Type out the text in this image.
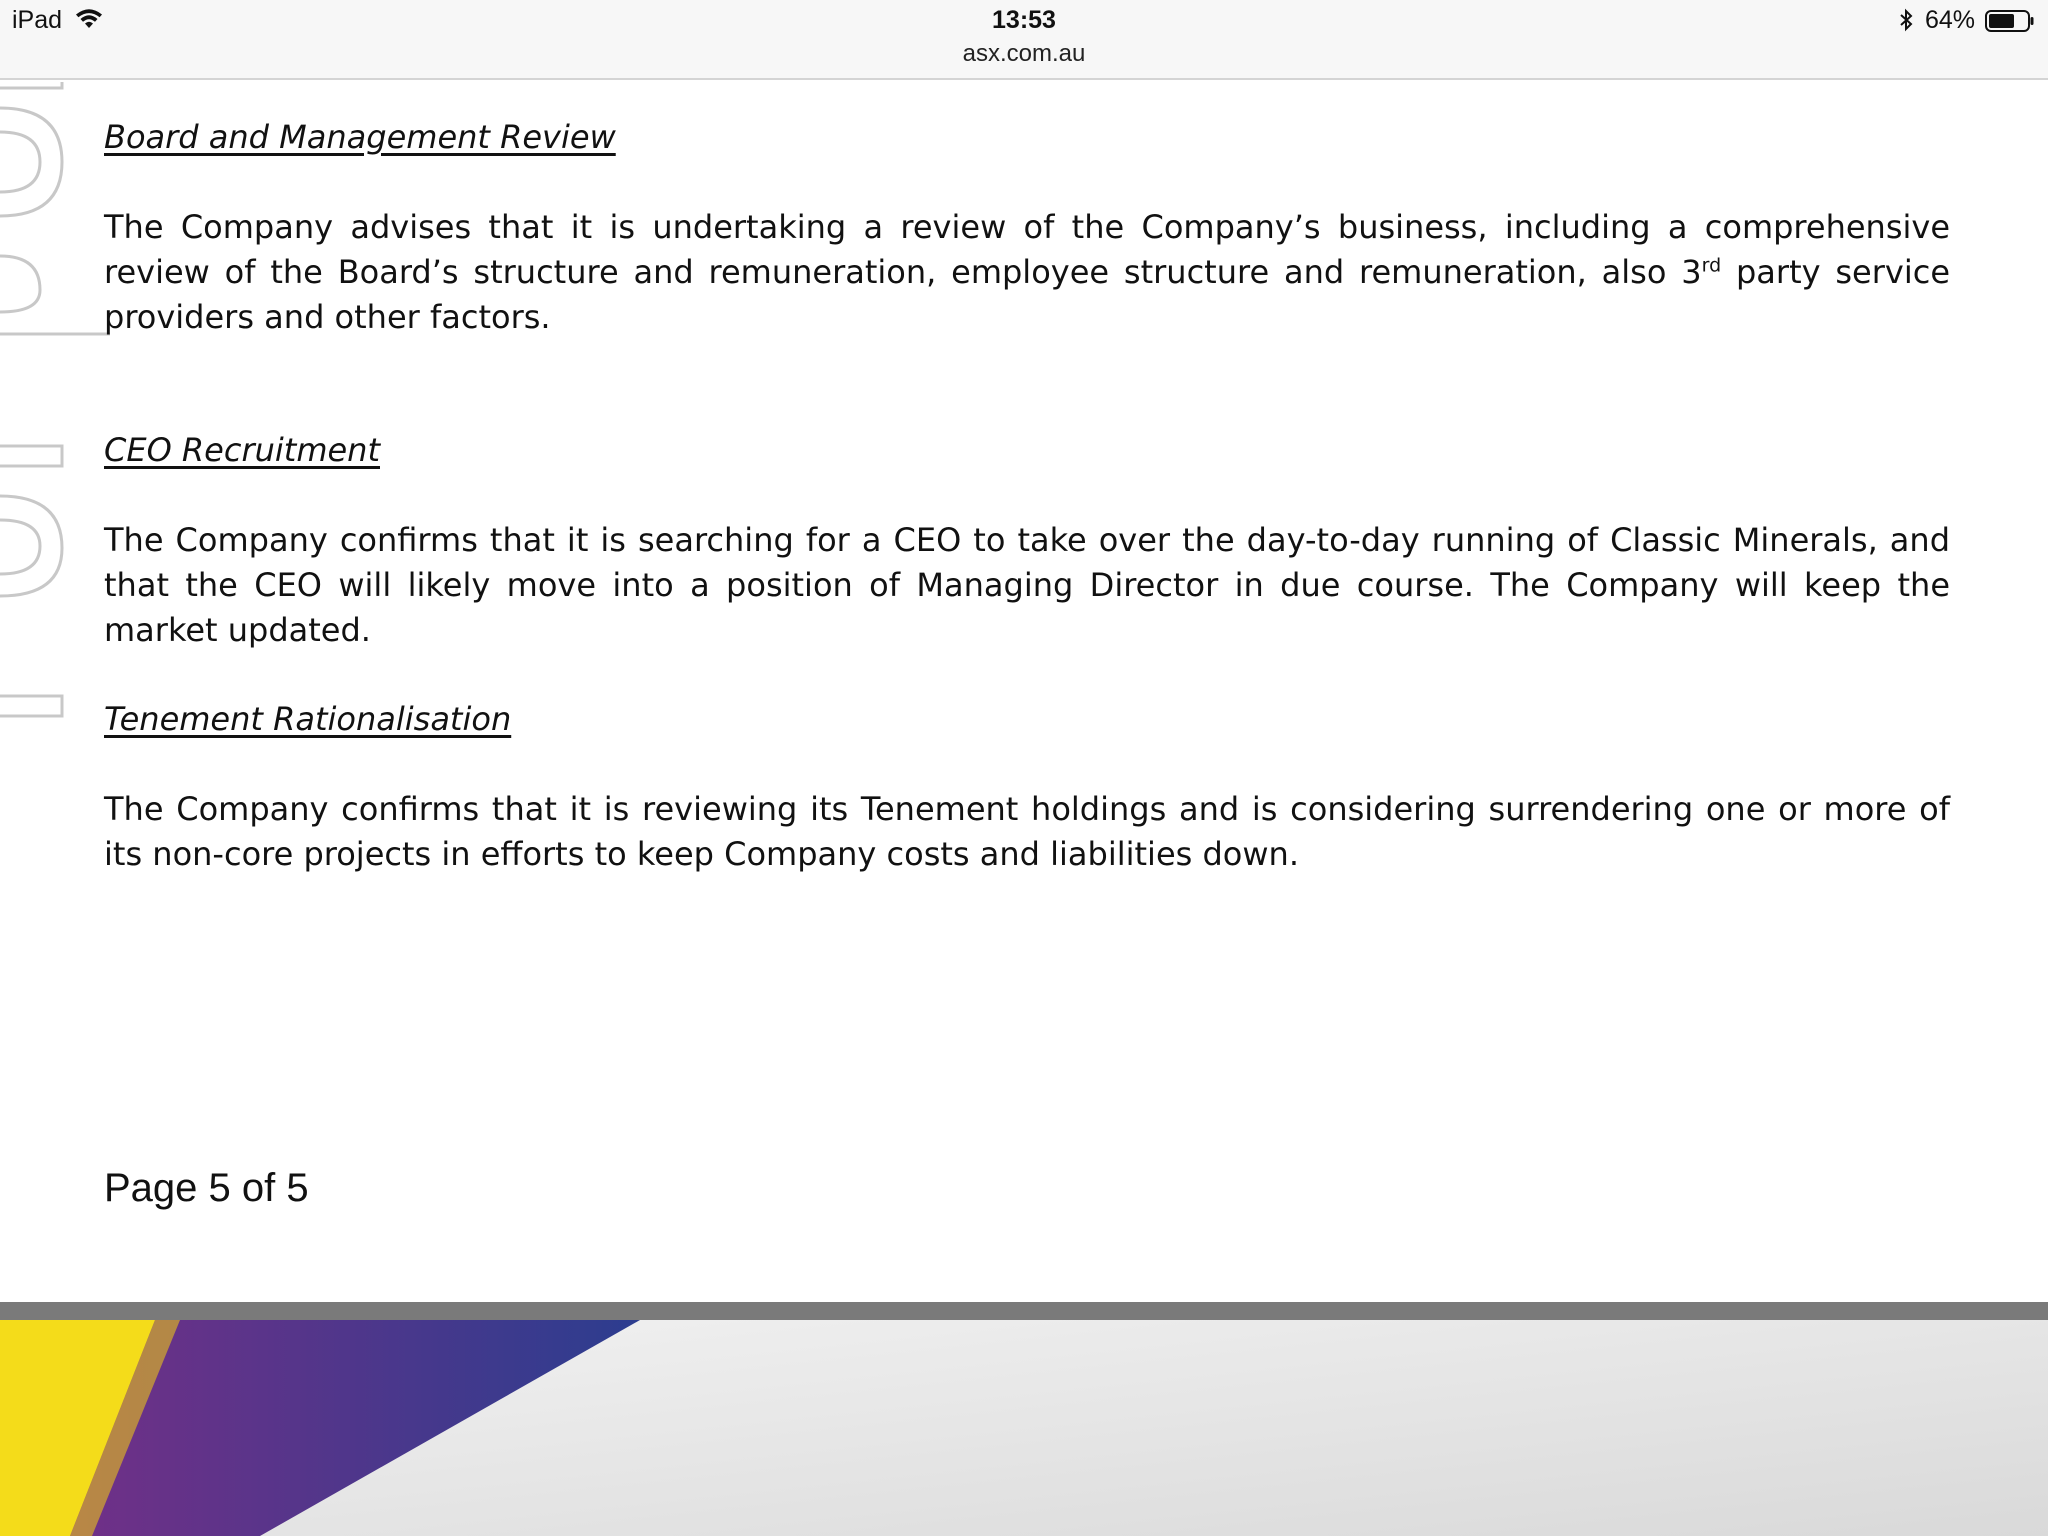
iPad	13:53
asx.com.au
64%
Board and Management Review

The Company advises that it is undertaking a review of the Company’s business, including a comprehensive review of the Board’s structure and remuneration, employee structure and remuneration, also 3rd party service providers and other factors.

CEO Recruitment

The Company confirms that it is searching for a CEO to take over the day-to-day running of Classic Minerals, and that the CEO will likely move into a position of Managing Director in due course. The Company will keep the market updated.

Tenement Rationalisation

The Company confirms that it is reviewing its Tenement holdings and is considering surrendering one or more of its non-core projects in efforts to keep Company costs and liabilities down.

Page 5 of 5
